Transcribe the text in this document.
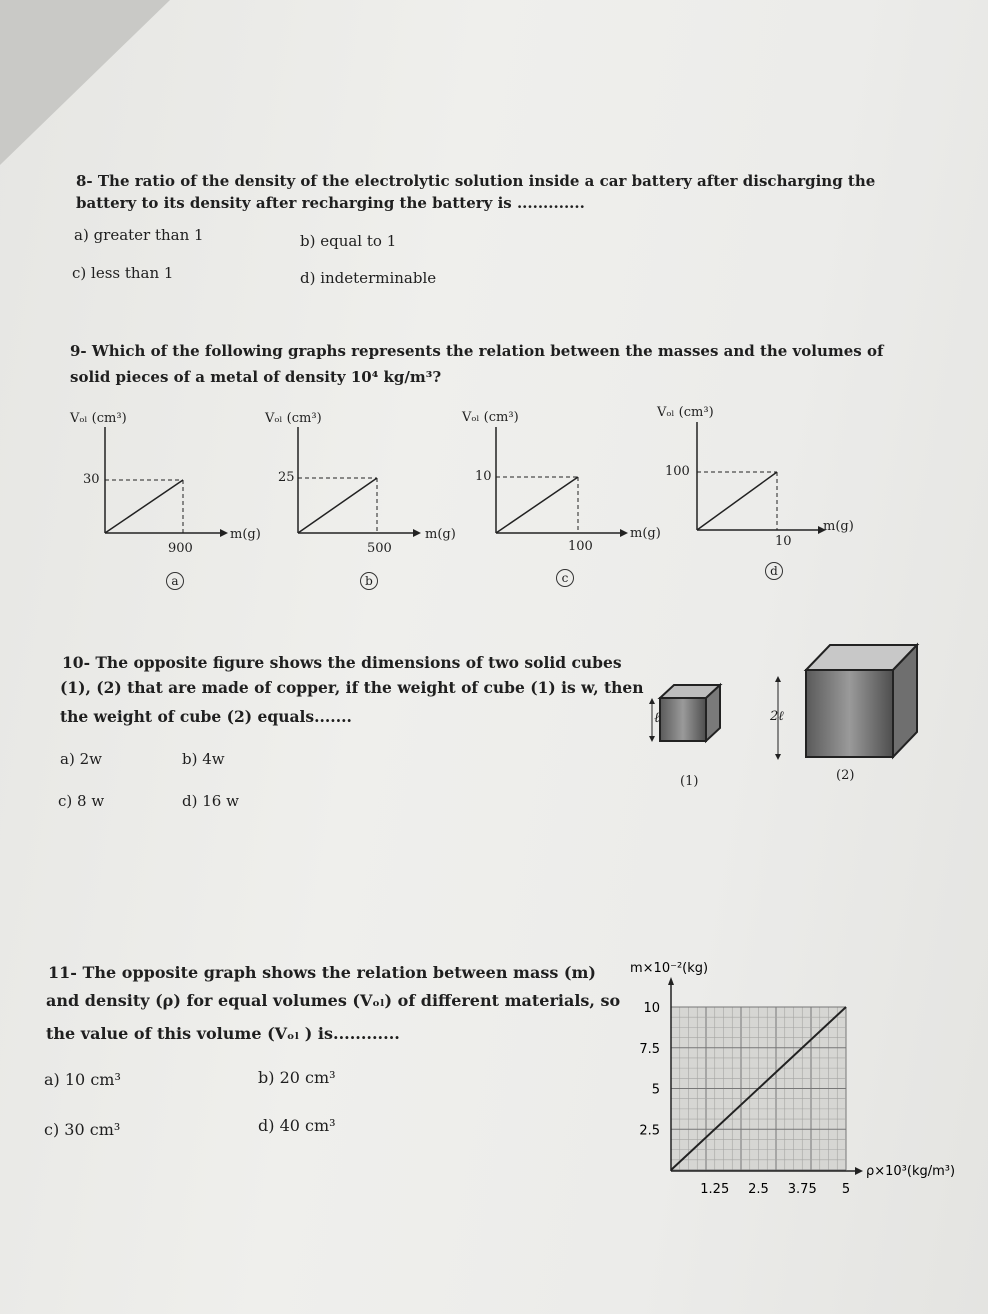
8- The ratio of the density of the electrolytic solution inside a car battery after discharging the
battery to its density after recharging the battery is .............
a) greater than 1	b) equal to 1
c) less than 1	d) indeterminable
9- Which of the following graphs represents the relation between the masses and the volumes of
solid pieces of a metal of density 10⁴ kg/m³?
Vₒₗ (cm³)
30
900
m(g)
a
Vₒₗ (cm³)
25
500
m(g)
b
Vₒₗ (cm³)
10
100
m(g)
c
Vₒₗ (cm³)
100
10
m(g)
d
10- The opposite figure shows the dimensions of two solid cubes
(1), (2) that are made of copper, if the weight of cube (1) is w, then
the weight of cube (2) equals.......
a) 2w	b) 4w
c) 8 w	d) 16 w
ℓ	2ℓ
(1)	(2)
11- The opposite graph shows the relation between mass (m)
and density (ρ) for equal volumes (Vₒₗ) of different materials, so
the value of this volume (Vₒₗ ) is............
a) 10 cm³	b) 20 cm³
c) 30 cm³	d) 40 cm³
1.25 2.5 3.75 5
2.5
5
7.5
10
m×10⁻²(kg)
ρ×10³(kg/m³)
